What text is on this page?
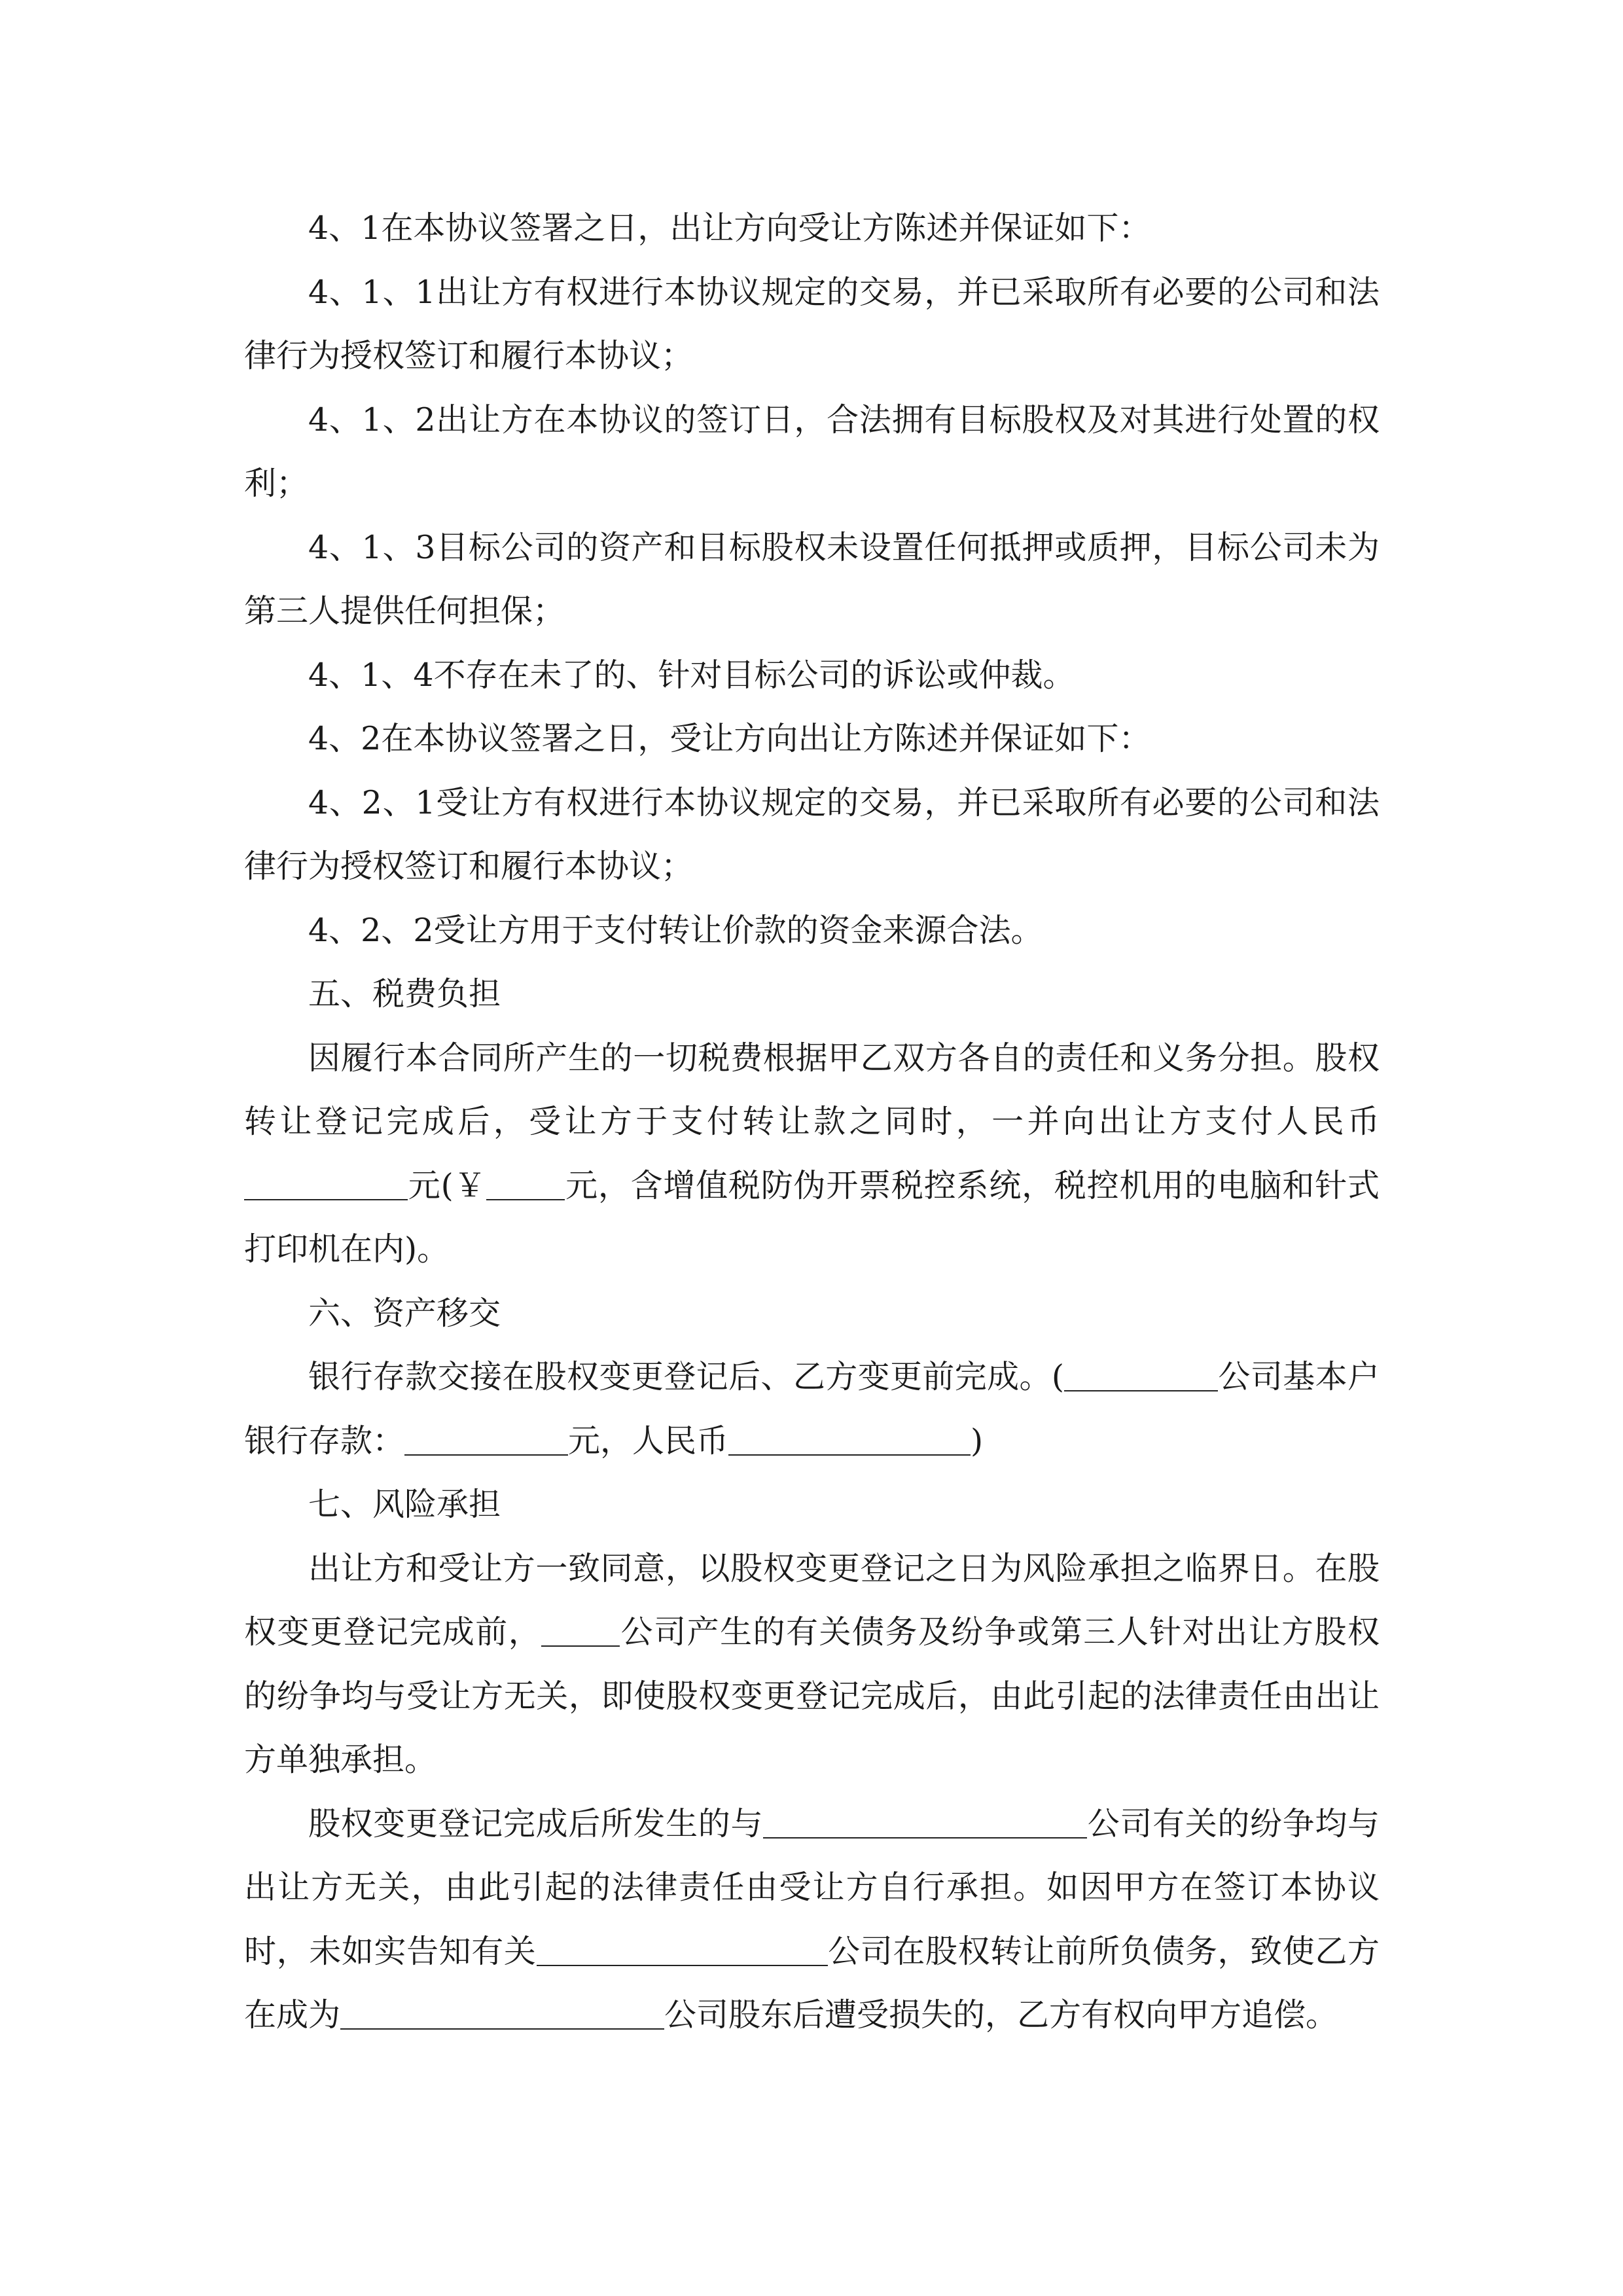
4、1在本协议签署之日，出让方向受让方陈述并保证如下：

4、1、1出让方有权进行本协议规定的交易，并已采取所有必要的公司和法律行为授权签订和履行本协议；

4、1、2出让方在本协议的签订日，合法拥有目标股权及对其进行处置的权利；

4、1、3目标公司的资产和目标股权未设置任何抵押或质押，目标公司未为第三人提供任何担保；

4、1、4不存在未了的、针对目标公司的诉讼或仲裁。

4、2在本协议签署之日，受让方向出让方陈述并保证如下：

4、2、1受让方有权进行本协议规定的交易，并已采取所有必要的公司和法律行为授权签订和履行本协议；

4、2、2受让方用于支付转让价款的资金来源合法。

五、税费负担

因履行本合同所产生的一切税费根据甲乙双方各自的责任和义务分担。股权转让登记完成后，受让方于支付转让款之同时，一并向出让方支付人民币元(￥ 元，含增值税防伪开票税控系统，税控机用的电脑和针式打印机在内)。

六、资产移交

银行存款交接在股权变更登记后、乙方变更前完成。(	公司基本户银行存款：	元，人民币	)

七、风险承担

出让方和受让方一致同意，以股权变更登记之日为风险承担之临界日。在股权变更登记完成前， 公司产生的有关债务及纷争或第三人针对出让方股权的纷争均与受让方无关，即使股权变更登记完成后，由此引起的法律责任由出让方单独承担。

股权变更登记完成后所发生的与	公司有关的纷争均与出让方无关，由此引起的法律责任由受让方自行承担。如因甲方在签订本协议时，未如实告知有关	公司在股权转让前所负债务，致使乙方在成为	公司股东后遭受损失的，乙方有权向甲方追偿。
